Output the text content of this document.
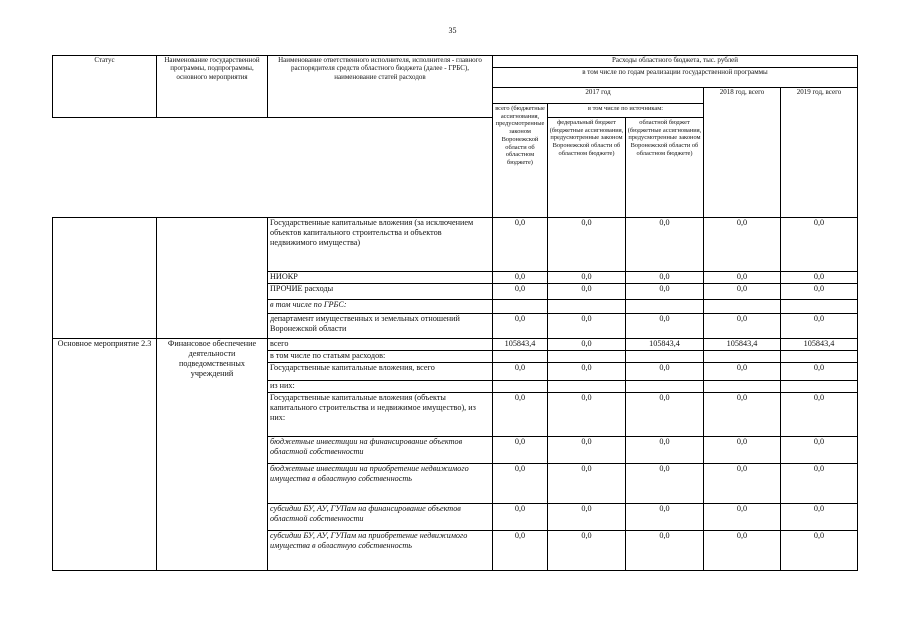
35
Статус	Наименование государственной программы, подпрограммы, основного мероприятия	Наименование ответственного исполнителя, исполнителя - главного распорядителя средств областного бюджета (далее - ГРБС), наименование статей расходов	Расходы областного бюджета, тыс. рублей				
			в том числе по годам реализации государственной программы				
			2017 год			2018 год, всего	2019 год, всего
			всего (бюджетные ассигнования, предусмотренные законом Воронежской области об областном бюджете)	в том числе по источникам:			
				федеральный бюджет (бюджетные ассигнования, предусмотренные законом Воронежской области об областном бюджете)	областной бюджет (бюджетные ассигнования, предусмотренные законом Воронежской области об областном бюджете)		
		Государственные капитальные вложения (за исключением объектов капитального строительства и объектов недвижимого имущества)	0,0	0,0	0,0	0,0	0,0
		НИОКР	0,0	0,0	0,0	0,0	0,0
		ПРОЧИЕ расходы	0,0	0,0	0,0	0,0	0,0
		в том числе по ГРБС:					
		департамент имущественных и земельных отношений Воронежской области	0,0	0,0	0,0	0,0	0,0
Основное мероприятие 2.3	Финансовое обеспечение деятельности подведомственных учреждений	всего	105843,4	0,0	105843,4	105843,4	105843,4
		в том числе по статьям расходов:					
		Государственные капитальные вложения, всего	0,0	0,0	0,0	0,0	0,0
		из них:					
		Государственные капитальные вложения (объекты капитального строительства и недвижимое имущество), из них:	0,0	0,0	0,0	0,0	0,0
		бюджетные инвестиции на финансирование объектов областной собственности	0,0	0,0	0,0	0,0	0,0
		бюджетные инвестиции на приобретение недвижимого имущества в областную собственность	0,0	0,0	0,0	0,0	0,0
		субсидии БУ, АУ, ГУПам на финансирование объектов областной собственности	0,0	0,0	0,0	0,0	0,0
		субсидии БУ, АУ, ГУПам на приобретение недвижимого имущества в областную собственность	0,0	0,0	0,0	0,0	0,0
